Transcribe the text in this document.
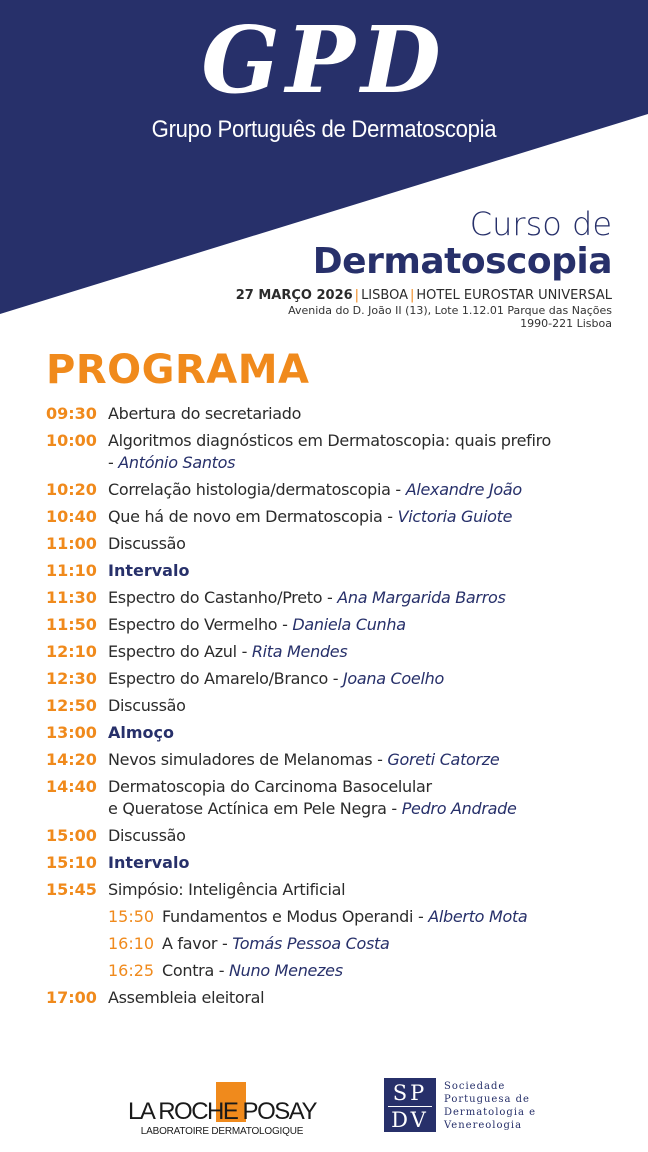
GPD
Grupo Português de Dermatoscopia
Curso de
Dermatoscopia
27 MARÇO 2026 | LISBOA | HOTEL EUROSTAR UNIVERSAL
Avenida do D. João II (13), Lote 1.12.01 Parque das Nações
1990-221 Lisboa
PROGRAMA
09:30 Abertura do secretariado
10:00 Algoritmos diagnósticos em Dermatoscopia: quais prefiro
- António Santos
10:20 Correlação histologia/dermatoscopia - Alexandre João
10:40 Que há de novo em Dermatoscopia - Victoria Guiote
11:00 Discussão
11:10 Intervalo
11:30 Espectro do Castanho/Preto - Ana Margarida Barros
11:50 Espectro do Vermelho - Daniela Cunha
12:10 Espectro do Azul - Rita Mendes
12:30 Espectro do Amarelo/Branco - Joana Coelho
12:50 Discussão
13:00 Almoço
14:20 Nevos simuladores de Melanomas - Goreti Catorze
14:40 Dermatoscopia do Carcinoma Basocelular
e Queratose Actínica em Pele Negra - Pedro Andrade
15:00 Discussão
15:10 Intervalo
15:45 Simpósio: Inteligência Artificial
15:50 Fundamentos e Modus Operandi - Alberto Mota
16:10 A favor - Tomás Pessoa Costa
16:25 Contra - Nuno Menezes
17:00 Assembleia eleitoral
LA ROCHE POSAY
LABORATOIRE DERMATOLOGIQUE
SP
DV
Sociedade
Portuguesa de
Dermatologia e
Venereologia
